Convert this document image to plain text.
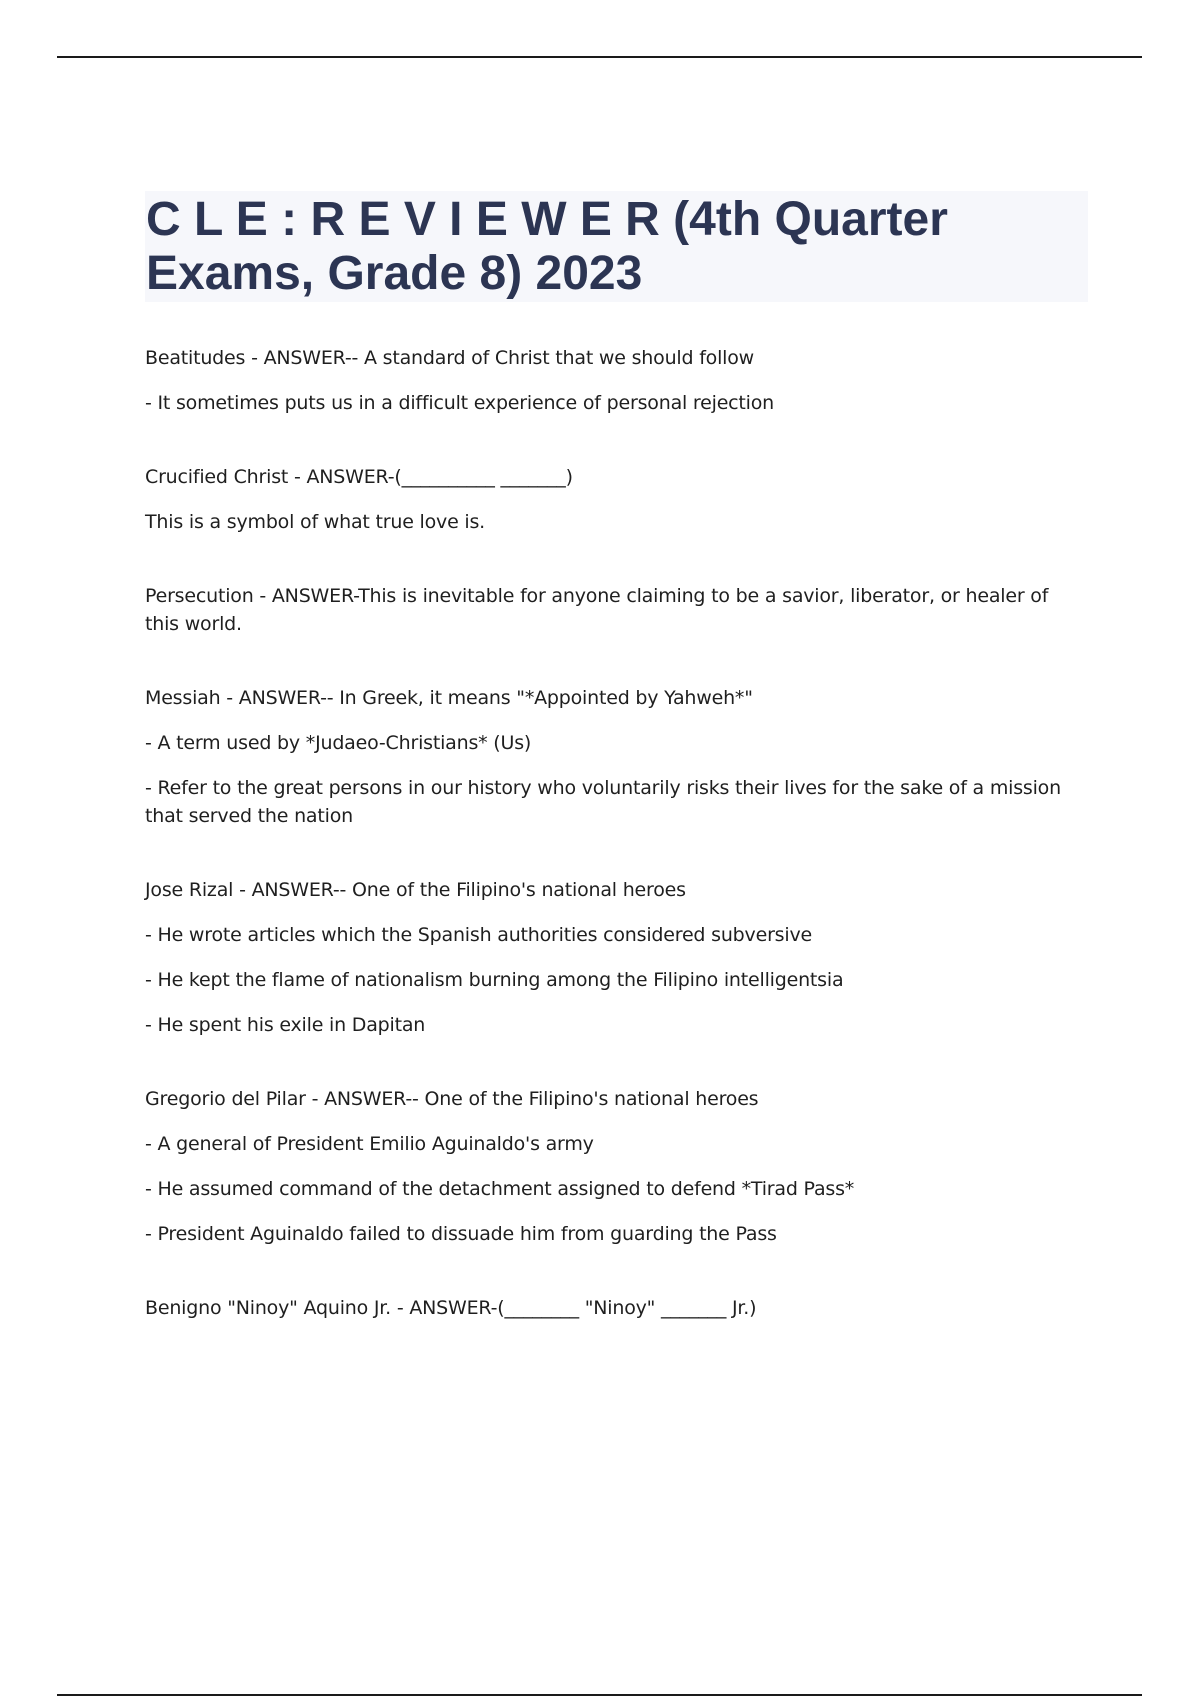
C L E : R E V I E W E R (4th Quarter Exams, Grade 8) 2023

Beatitudes - ANSWER-- A standard of Christ that we should follow

- It sometimes puts us in a difficult experience of personal rejection

Crucified Christ - ANSWER-(__________ _______)

This is a symbol of what true love is.

Persecution - ANSWER-This is inevitable for anyone claiming to be a savior, liberator, or healer of this world.

Messiah - ANSWER-- In Greek, it means "*Appointed by Yahweh*"

- A term used by *Judaeo-Christians* (Us)

- Refer to the great persons in our history who voluntarily risks their lives for the sake of a mission that served the nation

Jose Rizal - ANSWER-- One of the Filipino's national heroes

- He wrote articles which the Spanish authorities considered subversive

- He kept the flame of nationalism burning among the Filipino intelligentsia

- He spent his exile in Dapitan

Gregorio del Pilar - ANSWER-- One of the Filipino's national heroes

- A general of President Emilio Aguinaldo's army

- He assumed command of the detachment assigned to defend *Tirad Pass*

- President Aguinaldo failed to dissuade him from guarding the Pass

Benigno "Ninoy" Aquino Jr. - ANSWER-(________ "Ninoy" _______ Jr.)
